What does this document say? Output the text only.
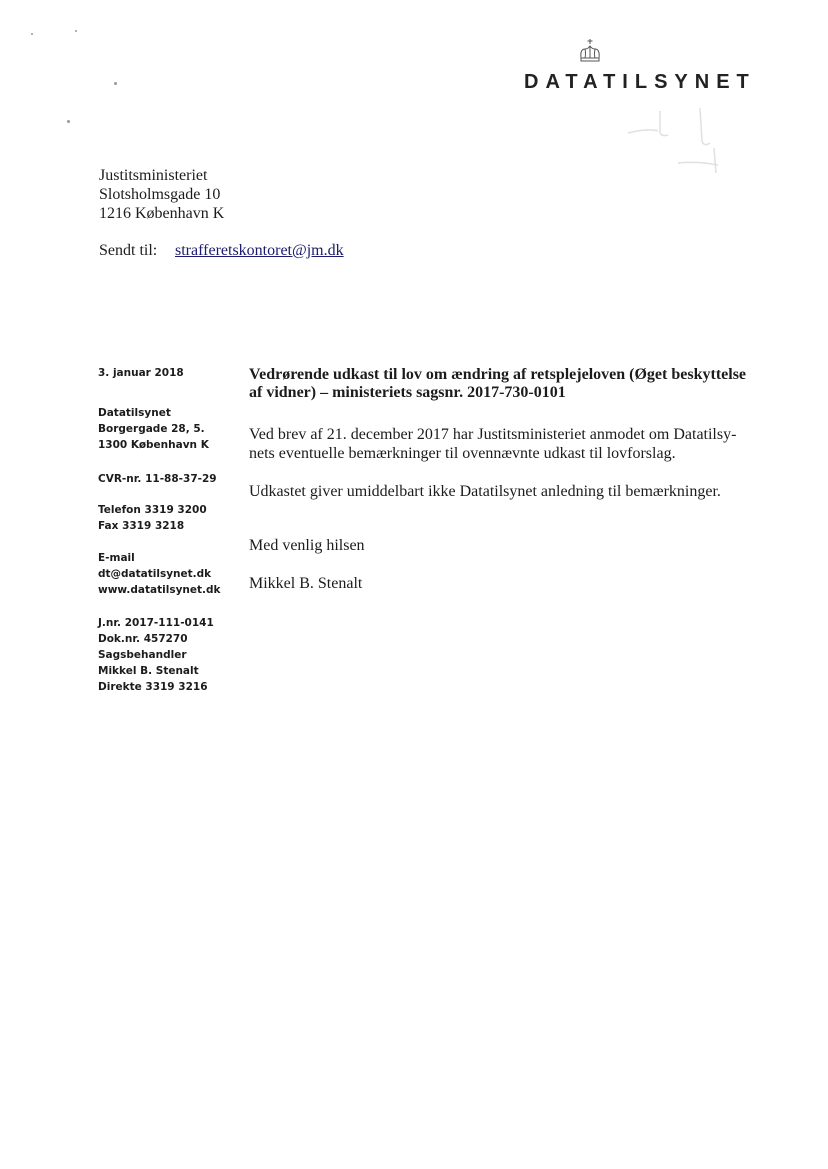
DATATILSYNET
Justitsministeriet
Slotsholmsgade 10
1216 København K
Sendt til: strafferetskontoret@jm.dk
3. januar 2018
Datatilsynet
Borgergade 28, 5.
1300 København K
CVR-nr. 11-88-37-29
Telefon 3319 3200
Fax 3319 3218
E-mail
dt@datatilsynet.dk
www.datatilsynet.dk
J.nr. 2017-111-0141
Dok.nr. 457270
Sagsbehandler
Mikkel B. Stenalt
Direkte 3319 3216
Vedrørende udkast til lov om ændring af retsplejeloven (Øget beskyttelse
af vidner) – ministeriets sagsnr. 2017-730-0101
Ved brev af 21. december 2017 har Justitsministeriet anmodet om Datatilsy-
nets eventuelle bemærkninger til ovennævnte udkast til lovforslag.
Udkastet giver umiddelbart ikke Datatilsynet anledning til bemærkninger.
Med venlig hilsen
Mikkel B. Stenalt
